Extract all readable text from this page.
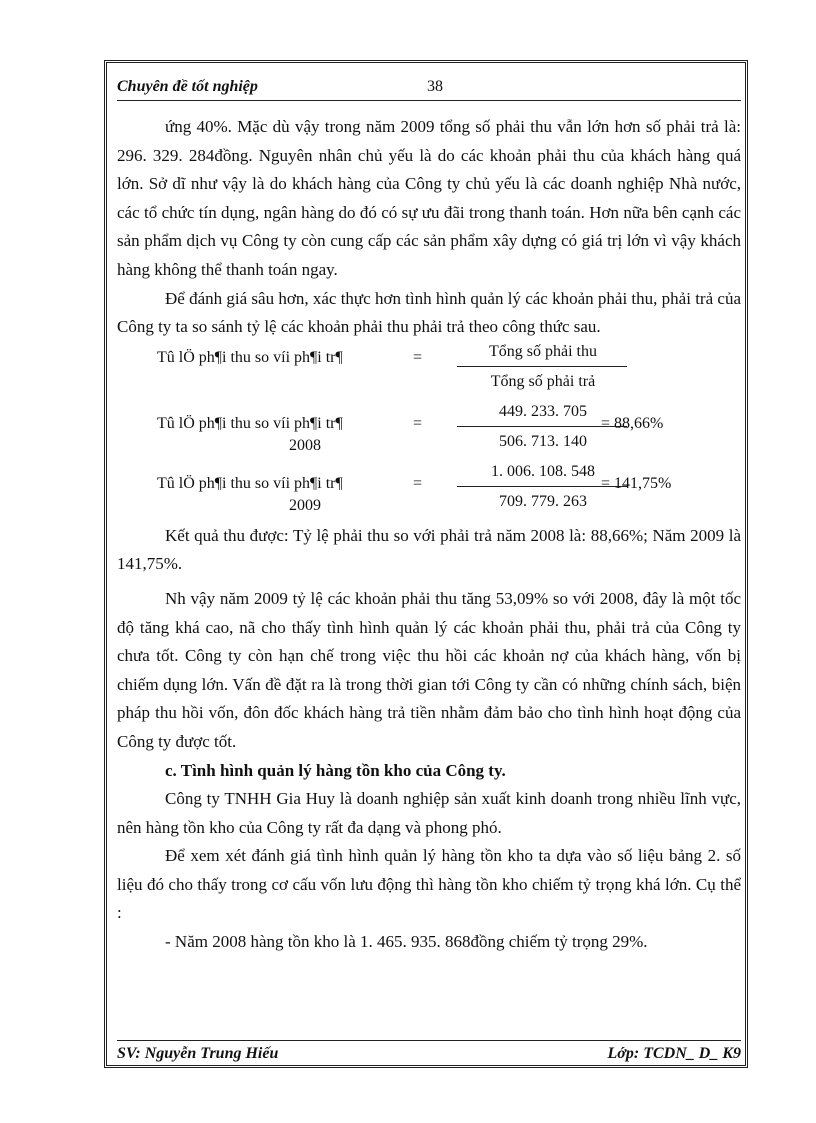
Chuyên đề tốt nghiệp	38

ứng 40%. Mặc dù vậy trong năm 2009 tổng số phải thu vẫn lớn hơn số phải trả là: 296. 329. 284đồng. Nguyên nhân chủ yếu là do các khoản phải thu của khách hàng quá lớn. Sở dĩ như vậy là do khách hàng của Công ty chủ yếu là các doanh nghiệp Nhà nước, các tổ chức tín dụng, ngân hàng do đó có sự ưu đãi trong thanh toán. Hơn nữa bên cạnh các sản phẩm dịch vụ Công ty còn cung cấp các sản phẩm xây dựng có giá trị lớn vì vậy khách hàng không thể thanh toán ngay.

Để đánh giá sâu hơn, xác thực hơn tình hình quản lý các khoản phải thu, phải trả của Công ty ta so sánh tỷ lệ các khoản phải thu phải trả theo công thức sau.

Tû lÖ ph¶i thu so víi ph¶i tr¶	=	Tổng số phải thu
Tổng số phải trả
Tû lÖ ph¶i thu so víi ph¶i tr¶	=
2008
449. 233. 705
506. 713. 140
= 88,66%
Tû lÖ ph¶i thu so víi ph¶i tr¶	=
2009
1. 006. 108. 548
709. 779. 263
= 141,75%

Kết quả thu được: Tỷ lệ phải thu so với phải trả năm 2008 là: 88,66%; Năm 2009 là 141,75%.

Nh vậy năm 2009 tỷ lệ các khoản phải thu tăng 53,09% so với 2008, đây là một tốc độ tăng khá cao, nã cho thấy tình hình quản lý các khoản phải thu, phải trả của Công ty chưa tốt. Công ty còn hạn chế trong việc thu hồi các khoản nợ của khách hàng, vốn bị chiếm dụng lớn. Vấn đề đặt ra là trong thời gian tới Công ty cần có những chính sách, biện pháp thu hồi vốn, đôn đốc khách hàng trả tiền nhằm đảm bảo cho tình hình hoạt động của Công ty được tốt.

c. Tình hình quản lý hàng tồn kho của Công ty.

Công ty TNHH Gia Huy là doanh nghiệp sản xuất kinh doanh trong nhiều lĩnh vực, nên hàng tồn kho của Công ty rất đa dạng và phong phó.

Để xem xét đánh giá tình hình quản lý hàng tồn kho ta dựa vào số liệu bảng 2. số liệu đó cho thấy trong cơ cấu vốn lưu động thì hàng tồn kho chiếm tỷ trọng khá lớn. Cụ thể :

- Năm 2008 hàng tồn kho là 1. 465. 935. 868đồng chiếm tỷ trọng 29%.

SV: Nguyễn Trung Hiếu	Lớp: TCDN_ D_ K9
